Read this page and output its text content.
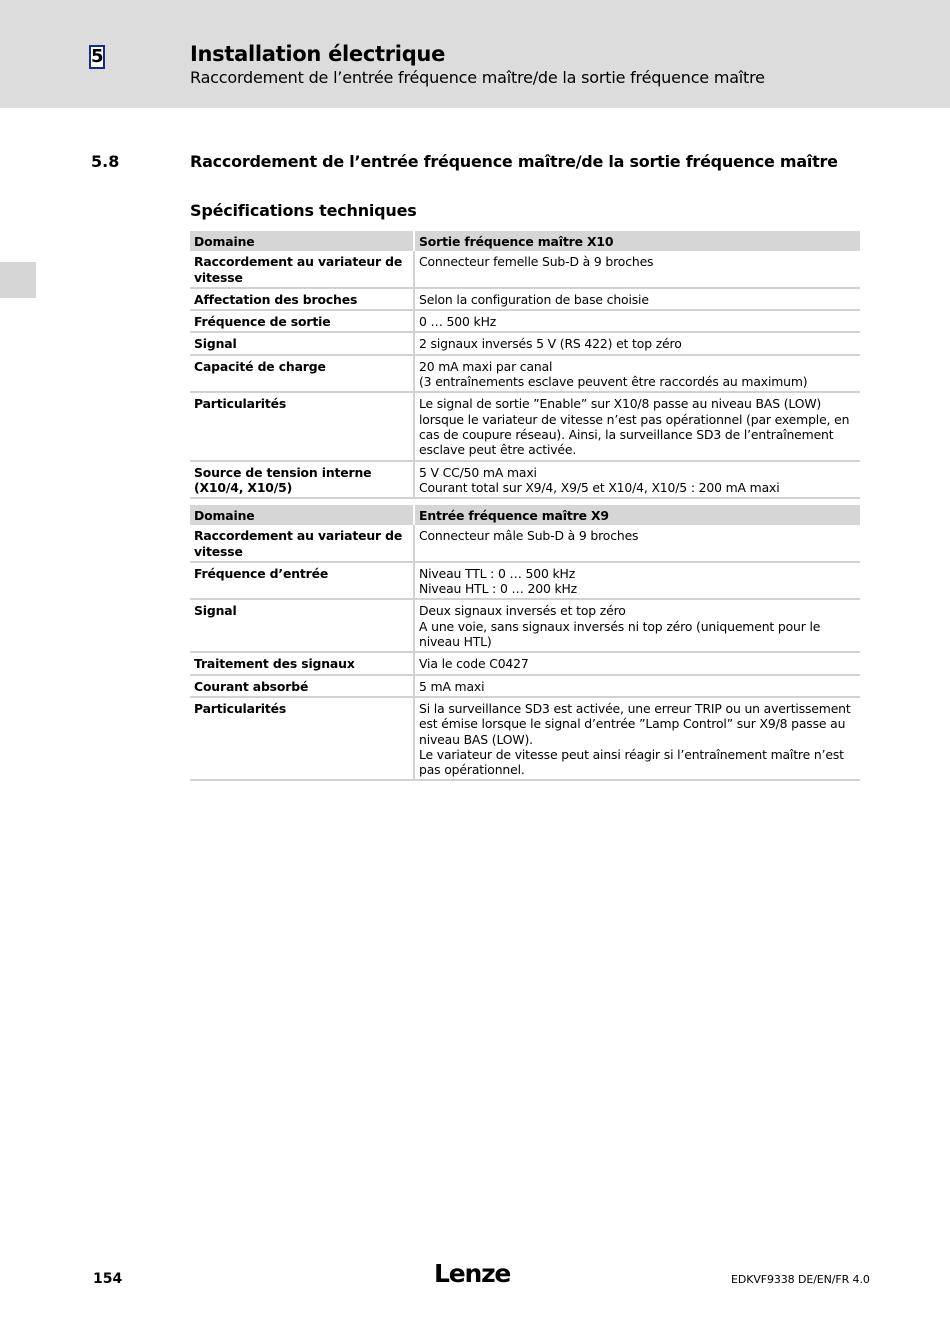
5	Installation électrique
Raccordement de l’entrée fréquence maître/de la sortie fréquence maître
5.8	Raccordement de l’entrée fréquence maître/de la sortie fréquence maître
Spécifications techniques
Domaine	Sortie fréquence maître X10
Raccordement au variateur de vitesse	Connecteur femelle Sub-D à 9 broches
Affectation des broches	Selon la configuration de base choisie
Fréquence de sortie	0 … 500 kHz
Signal	2 signaux inversés 5 V (RS 422) et top zéro
Capacité de charge	20 mA maxi par canal
(3 entraînements esclave peuvent être raccordés au maximum)
Particularités	Le signal de sortie ”Enable” sur X10/8 passe au niveau BAS (LOW) lorsque le variateur de vitesse n’est pas opérationnel (par exemple, en cas de coupure réseau). Ainsi, la surveillance SD3 de l’entraînement esclave peut être activée.
Source de tension interne (X10/4, X10/5)	5 V CC/50 mA maxi
Courant total sur X9/4, X9/5 et X10/4, X10/5 : 200 mA maxi
Domaine	Entrée fréquence maître X9
Raccordement au variateur de vitesse	Connecteur mâle Sub-D à 9 broches
Fréquence d’entrée	Niveau TTL : 0 … 500 kHz
Niveau HTL : 0 … 200 kHz
Signal	Deux signaux inversés et top zéro
A une voie, sans signaux inversés ni top zéro (uniquement pour le niveau HTL)
Traitement des signaux	Via le code C0427
Courant absorbé	5 mA maxi
Particularités	Si la surveillance SD3 est activée, une erreur TRIP ou un avertissement est émise lorsque le signal d’entrée ”Lamp Control” sur X9/8 passe au niveau BAS (LOW).
Le variateur de vitesse peut ainsi réagir si l’entraînement maître n’est pas opérationnel.
154	Lenze	EDKVF9338 DE/EN/FR 4.0
